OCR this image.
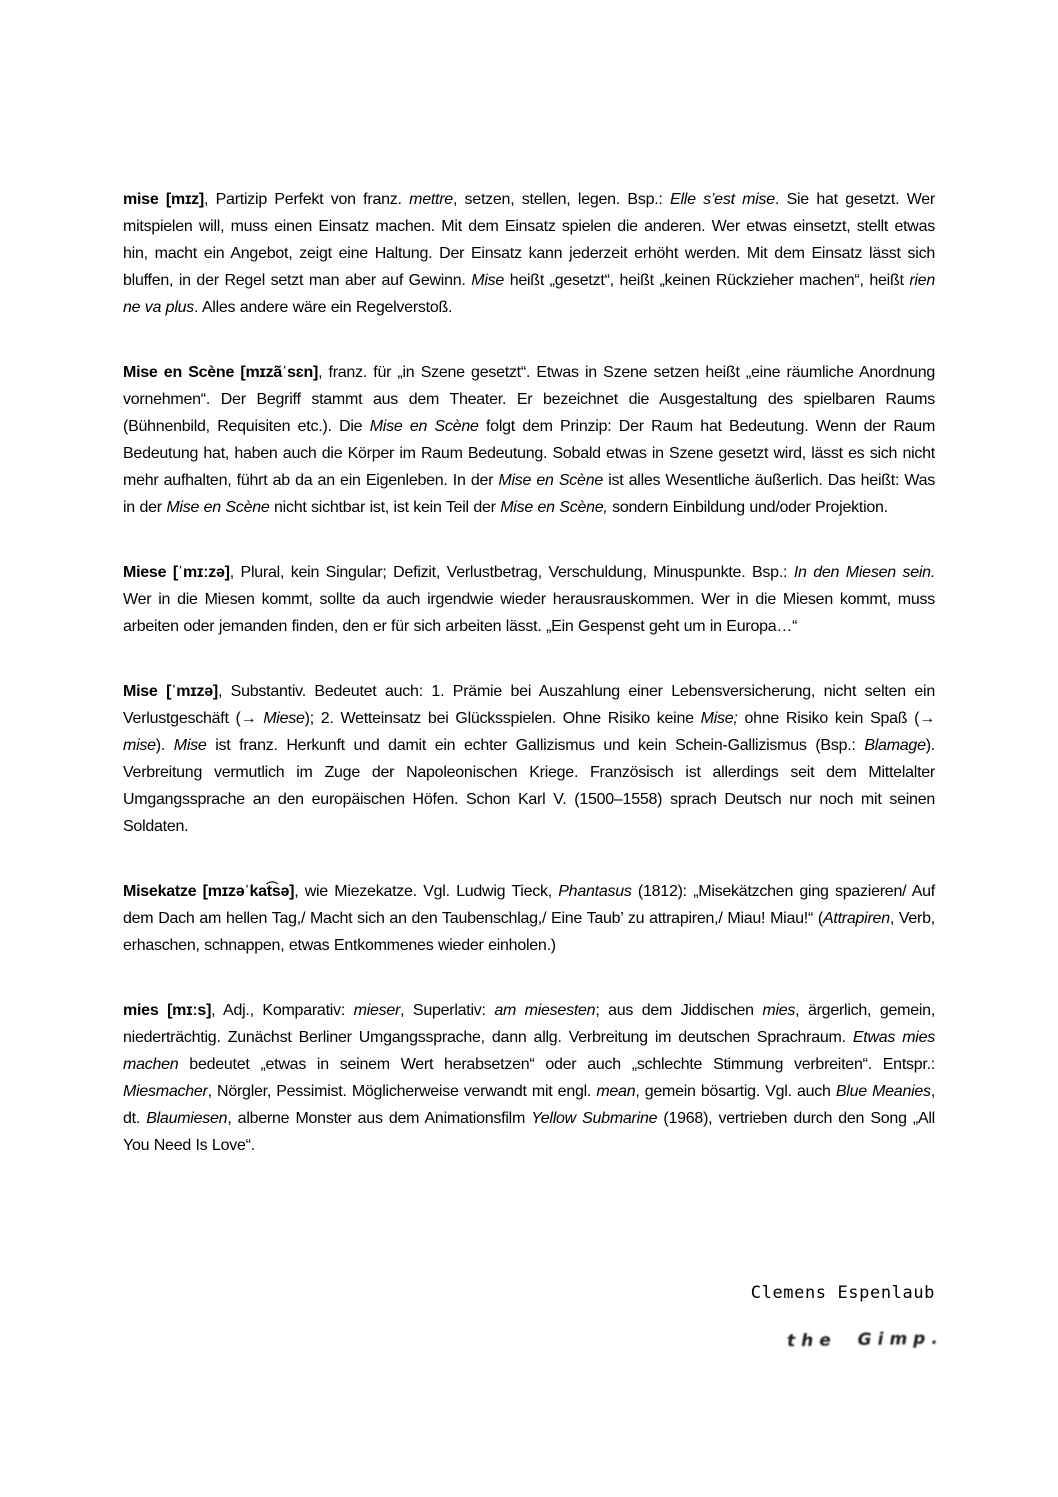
mise [mɪz], Partizip Perfekt von franz. mettre, setzen, stellen, legen. Bsp.: Elle s’est mise. Sie hat gesetzt. Wer mitspielen will, muss einen Einsatz machen. Mit dem Einsatz spielen die anderen. Wer etwas einsetzt, stellt etwas hin, macht ein Angebot, zeigt eine Haltung. Der Einsatz kann jederzeit erhöht werden. Mit dem Einsatz lässt sich bluffen, in der Regel setzt man aber auf Gewinn. Mise heißt „gesetzt“, heißt „keinen Rückzieher machen“, heißt rien ne va plus. Alles andere wäre ein Regelverstoß.

Mise en Scène [mɪzãˈsɛn], franz. für „in Szene gesetzt“. Etwas in Szene setzen heißt „eine räumliche Anordnung vornehmen“. Der Begriff stammt aus dem Theater. Er bezeichnet die Ausgestaltung des spielbaren Raums (Bühnenbild, Requisiten etc.). Die Mise en Scène folgt dem Prinzip: Der Raum hat Bedeutung. Wenn der Raum Bedeutung hat, haben auch die Körper im Raum Bedeutung. Sobald etwas in Szene gesetzt wird, lässt es sich nicht mehr aufhalten, führt ab da an ein Eigenleben. In der Mise en Scène ist alles Wesentliche äußerlich. Das heißt: Was in der Mise en Scène nicht sichtbar ist, ist kein Teil der Mise en Scène, sondern Einbildung und/oder Projektion.

Miese [ˈmɪːzə], Plural, kein Singular; Defizit, Verlustbetrag, Verschuldung, Minuspunkte. Bsp.: In den Miesen sein. Wer in die Miesen kommt, sollte da auch irgendwie wieder herausrauskommen. Wer in die Miesen kommt, muss arbeiten oder jemanden finden, den er für sich arbeiten lässt. „Ein Gespenst geht um in Europa…“

Mise [ˈmɪzə], Substantiv. Bedeutet auch: 1. Prämie bei Auszahlung einer Lebensversicherung, nicht selten ein Verlustgeschäft (→ Miese); 2. Wetteinsatz bei Glücksspielen. Ohne Risiko keine Mise; ohne Risiko kein Spaß (→ mise). Mise ist franz. Herkunft und damit ein echter Gallizismus und kein Schein-Gallizismus (Bsp.: Blamage). Verbreitung vermutlich im Zuge der Napoleonischen Kriege. Französisch ist allerdings seit dem Mittelalter Umgangssprache an den europäischen Höfen. Schon Karl V. (1500–1558) sprach Deutsch nur noch mit seinen Soldaten.

Misekatze [mɪzəˈkat͡sə], wie Miezekatze. Vgl. Ludwig Tieck, Phantasus (1812): „Misekätzchen ging spazieren/ Auf dem Dach am hellen Tag,/ Macht sich an den Taubenschlag,/ Eine Taub’ zu attrapiren,/ Miau! Miau!“ (Attrapiren, Verb, erhaschen, schnappen, etwas Entkommenes wieder einholen.)

mies [mɪːs], Adj., Komparativ: mieser, Superlativ: am miesesten; aus dem Jiddischen mies, ärgerlich, gemein, niederträchtig. Zunächst Berliner Umgangssprache, dann allg. Verbreitung im deutschen Sprachraum. Etwas mies machen bedeutet „etwas in seinem Wert herabsetzen“ oder auch „schlechte Stimmung verbreiten“. Entspr.: Miesmacher, Nörgler, Pessimist. Möglicherweise verwandt mit engl. mean, gemein bösartig. Vgl. auch Blue Meanies, dt. Blaumiesen, alberne Monster aus dem Animationsfilm Yellow Submarine (1968), vertrieben durch den Song „All You Need Is Love“.

Clemens Espenlaub
the Gimp.
